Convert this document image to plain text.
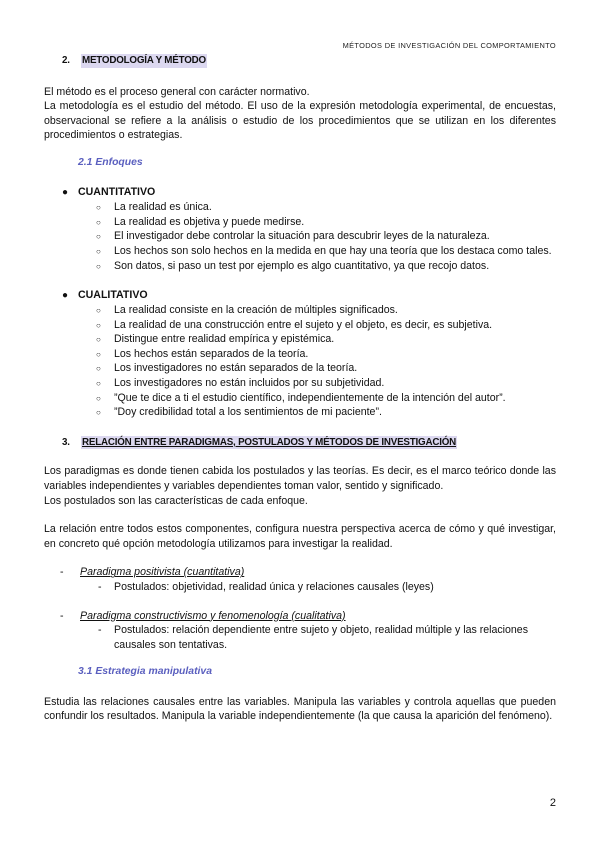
MÉTODOS DE INVESTIGACIÓN DEL COMPORTAMIENTO
2.	METODOLOGÍA Y MÉTODO

El método es el proceso general con carácter normativo.

La metodología es el estudio del método. El uso de la expresión metodología experimental, de encuestas, observacional se refiere a la análisis o estudio de los procedimientos que se utilizan en los diferentes procedimientos o estrategias.

2.1 Enfoques
● CUANTITATIVO
○	La realidad es única.
○	La realidad es objetiva y puede medirse.
○	El investigador debe controlar la situación para descubrir leyes de la naturaleza.
○	Los hechos son solo hechos en la medida en que hay una teoría que los destaca como tales.
○	Son datos, si paso un test por ejemplo es algo cuantitativo, ya que recojo datos.
● CUALITATIVO
○	La realidad consiste en la creación de múltiples significados.
○	La realidad de una construcción entre el sujeto y el objeto, es decir, es subjetiva.
○	Distingue entre realidad empírica y epistémica.
○	Los hechos están separados de la teoría.
○	Los investigadores no están separados de la teoría.
○	Los investigadores no están incluidos por su subjetividad.
○	”Que te dice a ti el estudio científico, independientemente de la intención del autor”.
○	”Doy credibilidad total a los sentimientos de mi paciente”.
3.	RELACIÓN ENTRE PARADIGMAS, POSTULADOS Y MÉTODOS DE INVESTIGACIÓN

Los paradigmas es donde tienen cabida los postulados y las teorías. Es decir, es el marco teórico donde las variables independientes y variables dependientes toman valor, sentido y significado.

Los postulados son las características de cada enfoque.

La relación entre todos estos componentes, configura nuestra perspectiva acerca de cómo y qué investigar, en concreto qué opción metodología utilizamos para investigar la realidad.

-	Paradigma positivista (cuantitativa)
-	Postulados: objetividad, realidad única y relaciones causales (leyes)
-	Paradigma constructivismo y fenomenología (cualitativa)
-	Postulados: relación dependiente entre sujeto y objeto, realidad múltiple y las relaciones causales son tentativas.
3.1 Estrategia manipulativa

Estudia las relaciones causales entre las variables. Manipula las variables y controla aquellas que pueden confundir los resultados. Manipula la variable independientemente (la que causa la aparición del fenómeno).

2
